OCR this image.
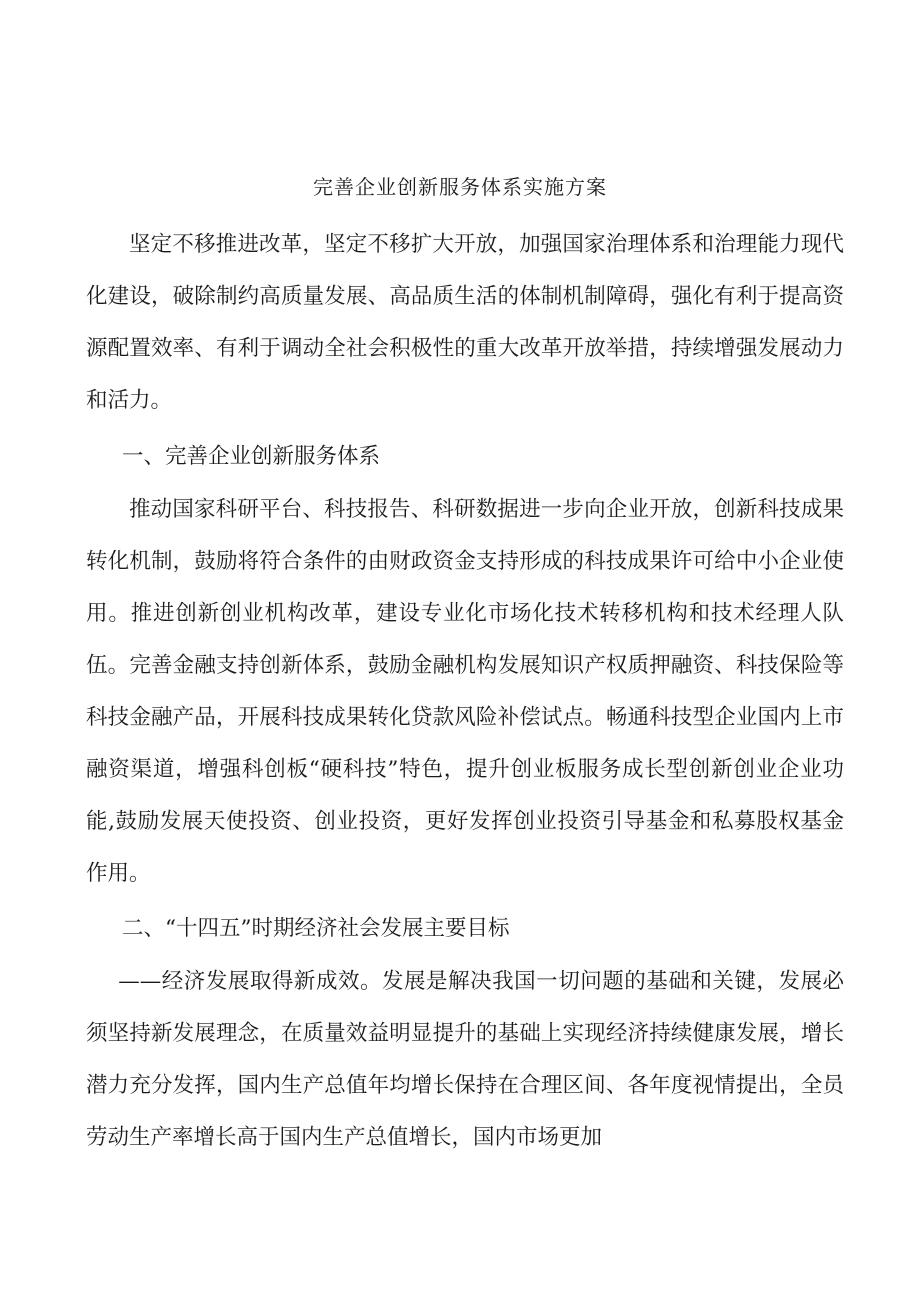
完善企业创新服务体系实施方案

坚定不移推进改革，坚定不移扩大开放，加强国家治理体系和治理能力现代化建设，破除制约高质量发展、高品质生活的体制机制障碍，强化有利于提高资源配置效率、有利于调动全社会积极性的重大改革开放举措，持续增强发展动力和活力。

一、完善企业创新服务体系

推动国家科研平台、科技报告、科研数据进一步向企业开放，创新科技成果转化机制，鼓励将符合条件的由财政资金支持形成的科技成果许可给中小企业使用。推进创新创业机构改革，建设专业化市场化技术转移机构和技术经理人队伍。完善金融支持创新体系，鼓励金融机构发展知识产权质押融资、科技保险等科技金融产品，开展科技成果转化贷款风险补偿试点。畅通科技型企业国内上市融资渠道，增强科创板“硬科技”特色，提升创业板服务成长型创新创业企业功能,鼓励发展天使投资、创业投资，更好发挥创业投资引导基金和私募股权基金作用。

二、“十四五”时期经济社会发展主要目标

——经济发展取得新成效。发展是解决我国一切问题的基础和关键，发展必须坚持新发展理念，在质量效益明显提升的基础上实现经济持续健康发展，增长潜力充分发挥，国内生产总值年均增长保持在合理区间、各年度视情提出，全员劳动生产率增长高于国内生产总值增长，国内市场更加
